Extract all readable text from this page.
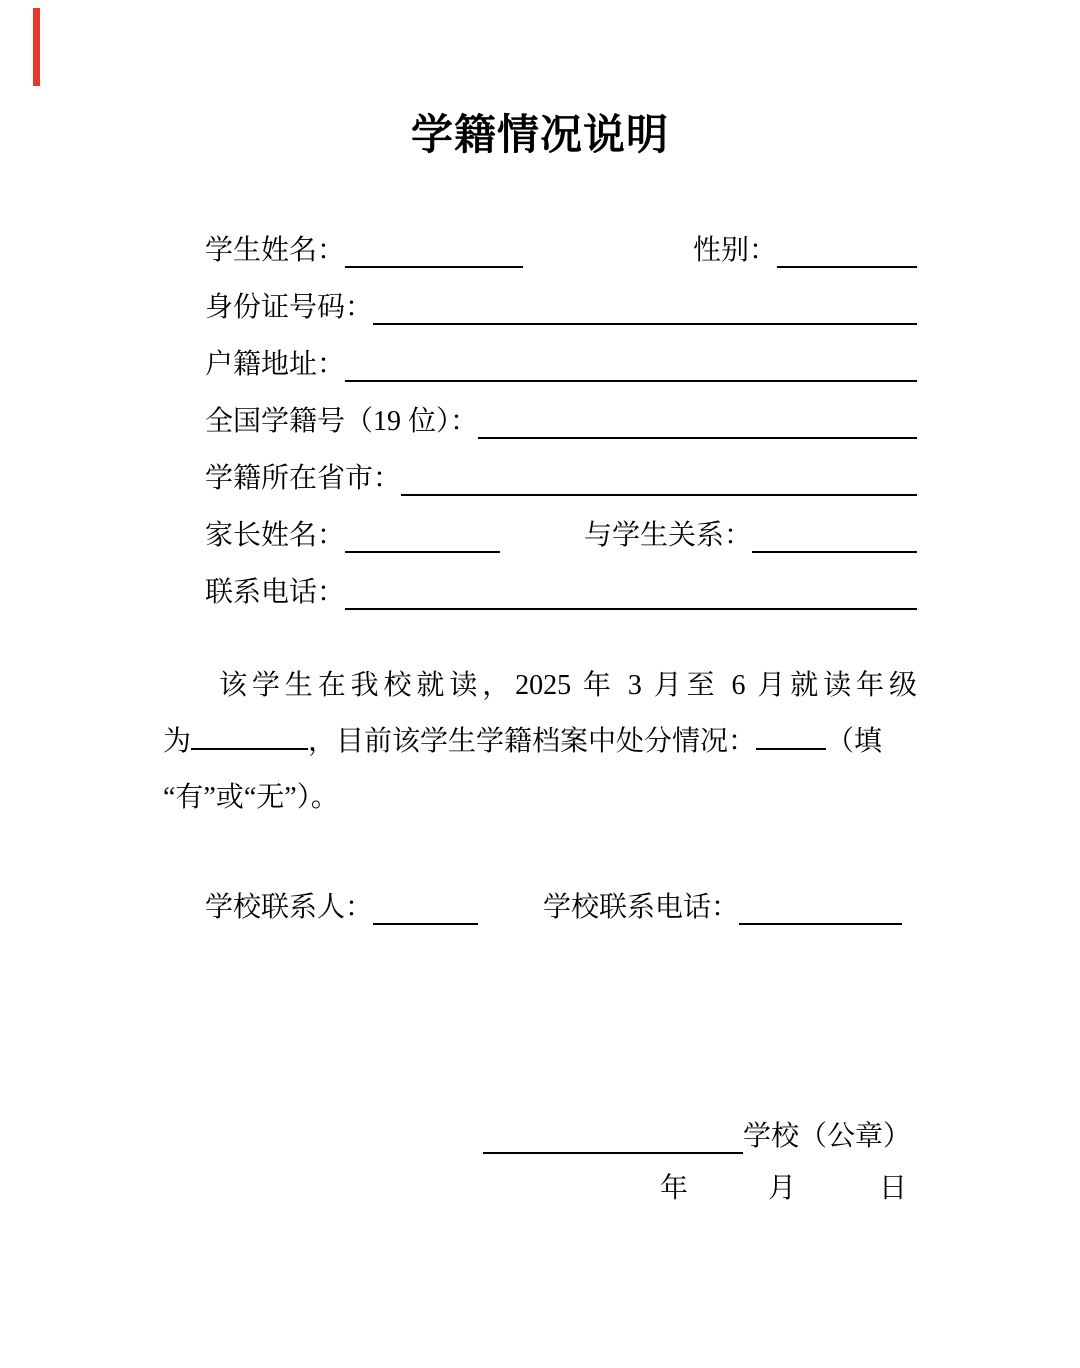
学籍情况说明
学生姓名：	性别：
身份证号码：
户籍地址：
全国学籍号（19 位）：
学籍所在省市：
家长姓名：	与学生关系：
联系电话：
该学生在我校就读，2025 年 3 月至 6 月就读年级
为	，目前该学生学籍档案中处分情况：	（填
“有”或“无”）。
学校联系人：	学校联系电话：
学校（公章）
年	月	日
